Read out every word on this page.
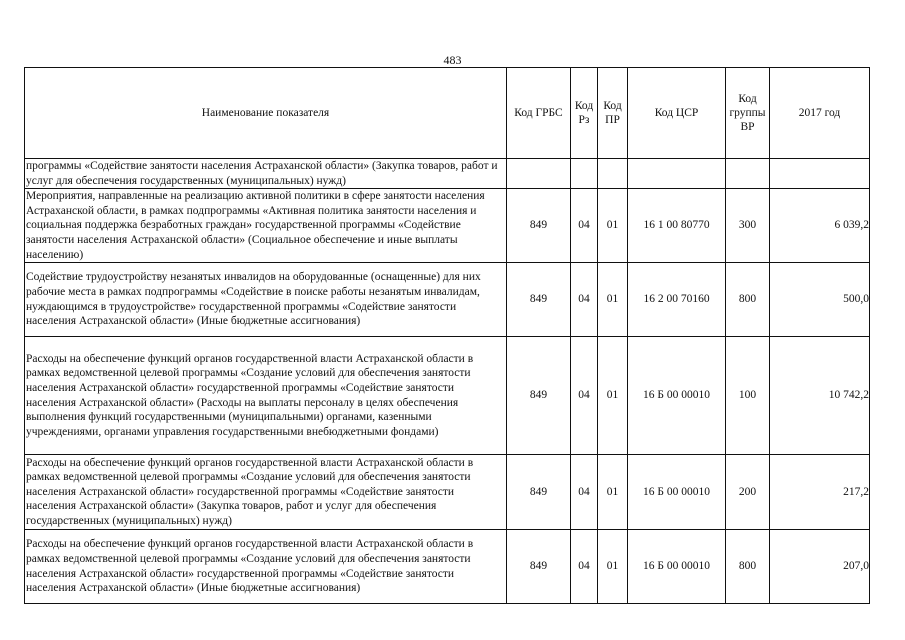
483
Наименование показателя	Код ГРБС	Код Рз	Код ПР	Код ЦСР	Код группы ВР	2017 год
программы «Содействие занятости населения Астраханской области» (Закупка товаров, работ и услуг для обеспечения государственных (муниципальных) нужд)						
Мероприятия, направленные на реализацию активной политики в сфере занятости населения Астраханской области, в рамках подпрограммы «Активная политика занятости населения и социальная поддержка безработных граждан» государственной программы «Содействие занятости населения Астраханской области» (Социальное обеспечение и иные выплаты населению)	849	04	01	16 1 00 80770	300	6 039,2
Содействие трудоустройству незанятых инвалидов на оборудованные (оснащенные) для них рабочие места в рамках подпрограммы «Содействие в поиске работы незанятым инвалидам, нуждающимся в трудоустройстве» государственной программы «Содействие занятости населения Астраханской области» (Иные бюджетные ассигнования)	849	04	01	16 2 00 70160	800	500,0
Расходы на обеспечение функций органов государственной власти Астраханской области в рамках ведомственной целевой программы «Создание условий для обеспечения занятости населения Астраханской области» государственной программы «Содействие занятости населения Астраханской области» (Расходы на выплаты персоналу в целях обеспечения выполнения функций государственными (муниципальными) органами, казенными учреждениями, органами управления государственными внебюджетными фондами)	849	04	01	16 Б 00 00010	100	10 742,2
Расходы на обеспечение функций органов государственной власти Астраханской области в рамках ведомственной целевой программы «Создание условий для обеспечения занятости населения Астраханской области» государственной программы «Содействие занятости населения Астраханской области» (Закупка товаров, работ и услуг для обеспечения государственных (муниципальных) нужд)	849	04	01	16 Б 00 00010	200	217,2
Расходы на обеспечение функций органов государственной власти Астраханской области в рамках ведомственной целевой программы «Создание условий для обеспечения занятости населения Астраханской области» государственной программы «Содействие занятости населения Астраханской области» (Иные бюджетные ассигнования)	849	04	01	16 Б 00 00010	800	207,0
